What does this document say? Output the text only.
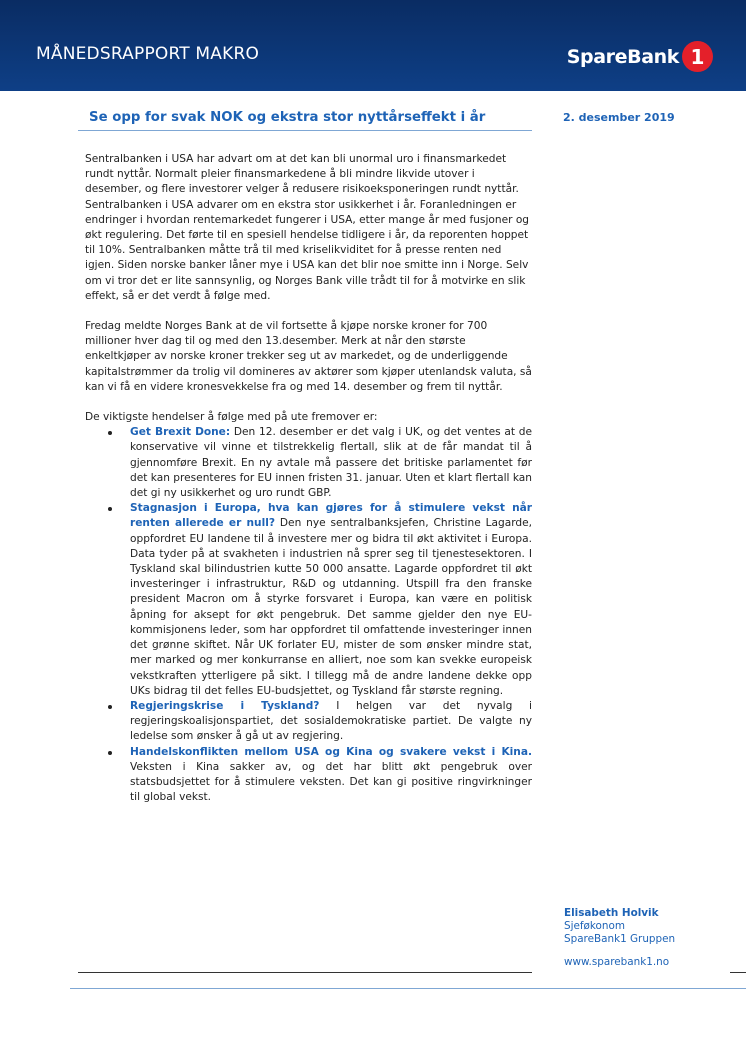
MÅNEDSRAPPORT MAKRO	SpareBank 1
Se opp for svak NOK og ekstra stor nyttårseffekt i år	2. desember 2019

Sentralbanken i USA har advart om at det kan bli unormal uro i finansmarkedet rundt nyttår. Normalt pleier finansmarkedene å bli mindre likvide utover i desember, og flere investorer velger å redusere risikoeksponeringen rundt nyttår. Sentralbanken i USA advarer om en ekstra stor usikkerhet i år. Foranledningen er endringer i hvordan rentemarkedet fungerer i USA, etter mange år med fusjoner og økt regulering. Det førte til en spesiell hendelse tidligere i år, da reporenten hoppet til 10%. Sentralbanken måtte trå til med kriselikviditet for å presse renten ned igjen. Siden norske banker låner mye i USA kan det blir noe smitte inn i Norge. Selv om vi tror det er lite sannsynlig, og Norges Bank ville trådt til for å motvirke en slik effekt, så er det verdt å følge med.

Fredag meldte Norges Bank at de vil fortsette å kjøpe norske kroner for 700 millioner hver dag til og med den 13.desember. Merk at når den største enkeltkjøper av norske kroner trekker seg ut av markedet, og de underliggende kapitalstrømmer da trolig vil domineres av aktører som kjøper utenlandsk valuta, så kan vi få en videre kronesvekkelse fra og med 14. desember og frem til nyttår.

De viktigste hendelser å følge med på ute fremover er:
Get Brexit Done: Den 12. desember er det valg i UK, og det ventes at de konservative vil vinne et tilstrekkelig flertall, slik at de får mandat til å gjennomføre Brexit. En ny avtale må passere det britiske parlamentet før det kan presenteres for EU innen fristen 31. januar. Uten et klart flertall kan det gi ny usikkerhet og uro rundt GBP.
Stagnasjon i Europa, hva kan gjøres for å stimulere vekst når renten allerede er null? Den nye sentralbanksjefen, Christine Lagarde, oppfordret EU landene til å investere mer og bidra til økt aktivitet i Europa. Data tyder på at svakheten i industrien nå sprer seg til tjenestesektoren. I Tyskland skal bilindustrien kutte 50 000 ansatte. Lagarde oppfordret til økt investeringer i infrastruktur, R&D og utdanning. Utspill fra den franske president Macron om å styrke forsvaret i Europa, kan være en politisk åpning for aksept for økt pengebruk. Det samme gjelder den nye EU-kommisjonens leder, som har oppfordret til omfattende investeringer innen det grønne skiftet. Når UK forlater EU, mister de som ønsker mindre stat, mer marked og mer konkurranse en alliert, noe som kan svekke europeisk vekstkraften ytterligere på sikt. I tillegg må de andre landene dekke opp UKs bidrag til det felles EU-budsjettet, og Tyskland får største regning.
Regjeringskrise i Tyskland? I helgen var det nyvalg i regjeringskoalisjonspartiet, det sosialdemokratiske partiet. De valgte ny ledelse som ønsker å gå ut av regjering.
Handelskonflikten mellom USA og Kina og svakere vekst i Kina. Veksten i Kina sakker av, og det har blitt økt pengebruk over statsbudsjettet for å stimulere veksten. Det kan gi positive ringvirkninger til global vekst.
Elisabeth Holvik
Sjeføkonom
SpareBank1 Gruppen
www.sparebank1.no
